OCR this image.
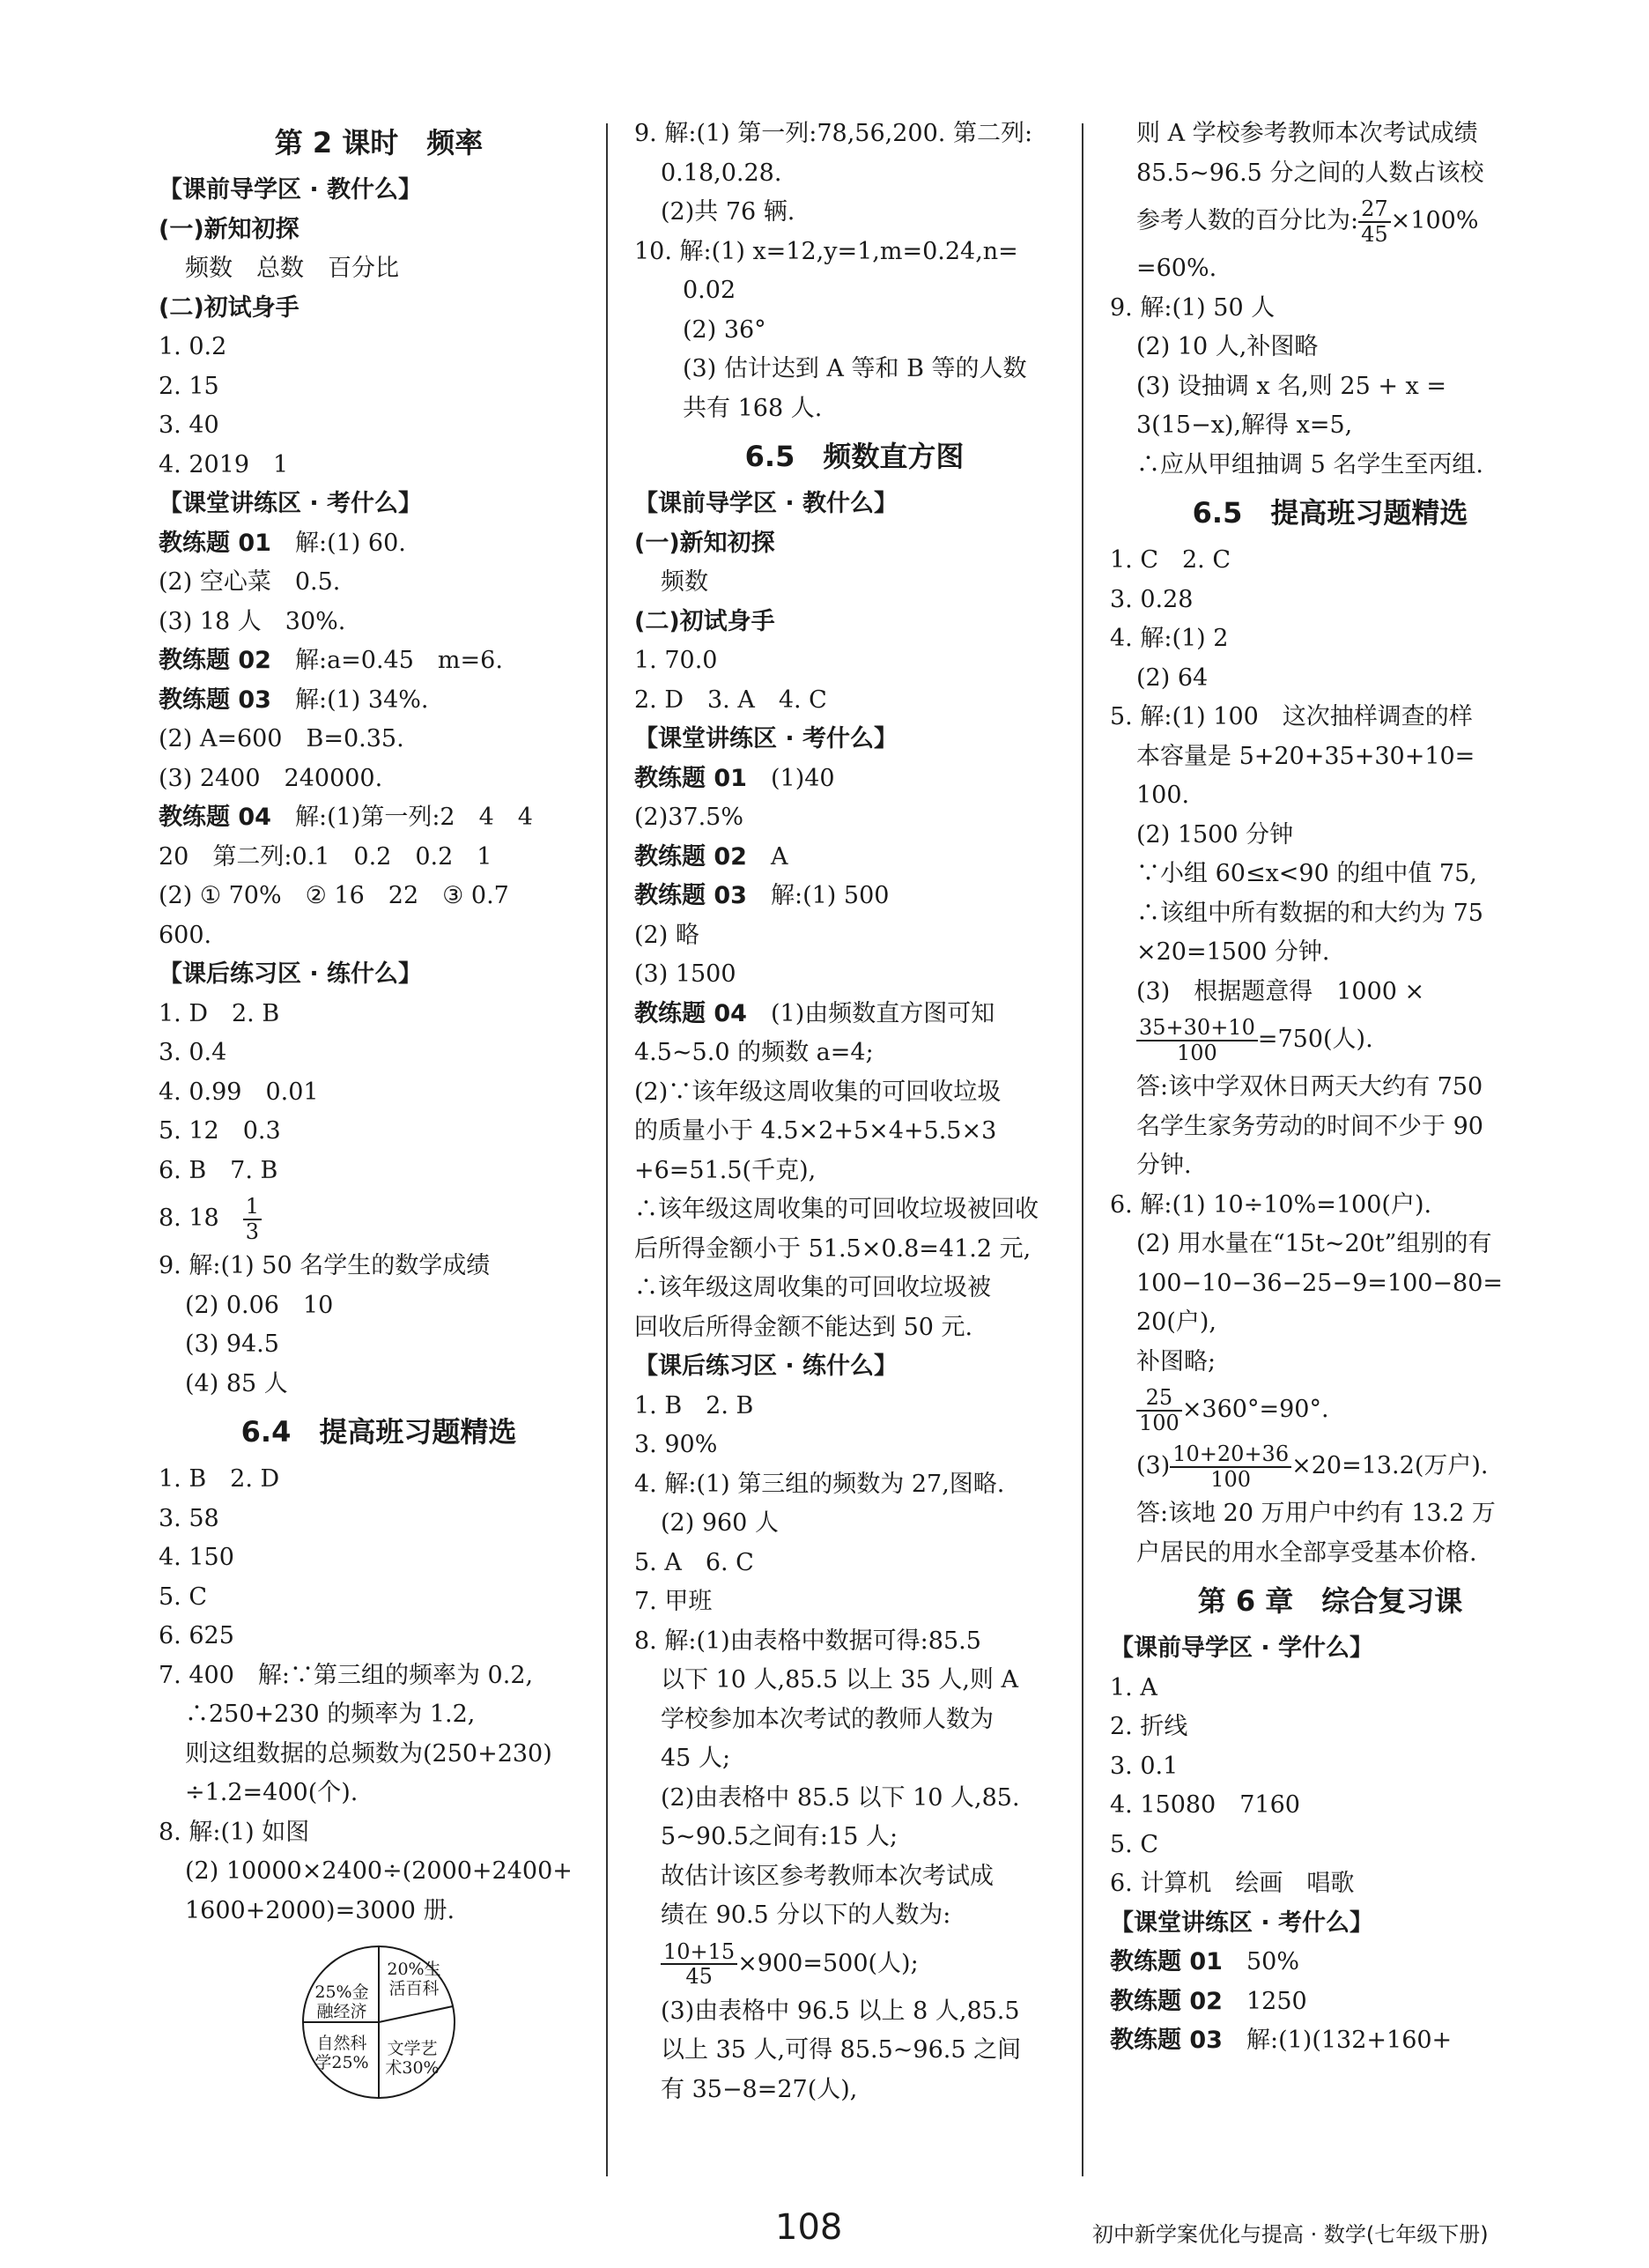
第 2 课时　频率
【课前导学区 · 教什么】
(一)新知初探
频数　总数　百分比
(二)初试身手
1. 0.2
2. 15
3. 40
4. 2019　1
【课堂讲练区 · 考什么】
教练题 01　解:(1) 60.
(2) 空心菜　0.5.
(3) 18 人　30%.
教练题 02　解:a=0.45　m=6.
教练题 03　解:(1) 34%.
(2) A=600　B=0.35.
(3) 2400　240000.
教练题 04　解:(1)第一列:2　4　4
20　第二列:0.1　0.2　0.2　1
(2) ① 70%　② 16　22　③ 0.7
600.
【课后练习区 · 练什么】
1. D　2. B
3. 0.4
4. 0.99　0.01
5. 12　0.3
6. B　7. B
8. 18　 $\frac{1}{3}$
9. 解:(1) 50 名学生的数学成绩
(2) 0.06　10
(3) 94.5
(4) 85 人
6.4　提高班习题精选
1. B　2. D
3. 58
4. 150
5. C
6. 625
7. 400　解:∵第三组的频率为 0.2,
∴250+230 的频率为 1.2,
则这组数据的总频数为(250+230)
÷1.2=400(个).
8. 解:(1) 如图
(2) 10000×2400÷(2000+2400+
1600+2000)=3000 册.
25%金
融经济
20%生
活百科
自然科
学25%
文学艺
术30%
9. 解:(1) 第一列:78,56,200. 第二列:
0.18,0.28.
(2)共 76 辆.
10. 解:(1) x=12,y=1,m=0.24,n=
0.02
(2) 36°
(3) 估计达到 A 等和 B 等的人数
共有 168 人.
6.5　频数直方图
【课前导学区 · 教什么】
(一)新知初探
频数
(二)初试身手
1. 70.0
2. D　3. A　4. C
【课堂讲练区 · 考什么】
教练题 01　(1)40
(2)37.5%
教练题 02　A
教练题 03　解:(1) 500
(2) 略
(3) 1500
教练题 04　(1)由频数直方图可知
4.5~5.0 的频数 a=4;
(2)∵该年级这周收集的可回收垃圾
的质量小于 4.5×2+5×4+5.5×3
+6=51.5(千克),
∴该年级这周收集的可回收垃圾被回收
后所得金额小于 51.5×0.8=41.2 元,
∴该年级这周收集的可回收垃圾被
回收后所得金额不能达到 50 元.
【课后练习区 · 练什么】
1. B　2. B
3. 90%
4. 解:(1) 第三组的频数为 27,图略.
(2) 960 人
5. A　6. C
7. 甲班
8. 解:(1)由表格中数据可得:85.5
以下 10 人,85.5 以上 35 人,则 A
学校参加本次考试的教师人数为
45 人;
(2)由表格中 85.5 以下 10 人,85.
5~90.5之间有:15 人;
故估计该区参考教师本次考试成
绩在 90.5 分以下的人数为:
$\frac{10+15}{45} \times 900=500$(人);
(3)由表格中 96.5 以上 8 人,85.5
以上 35 人,可得 85.5~96.5 之间
有 35−8=27(人),
则 A 学校参考教师本次考试成绩
85.5~96.5 分之间的人数占该校
参考人数的百分比为: $\frac{27}{45} \times 100\%$
=60%.
9. 解:(1) 50 人
(2) 10 人,补图略
(3) 设抽调 x 名,则 25 + x =
3(15−x),解得 x=5,
∴应从甲组抽调 5 名学生至丙组.
6.5　提高班习题精选
1. C　2. C
3. 0.28
4. 解:(1) 2
(2) 64
5. 解:(1) 100　这次抽样调查的样
本容量是 5+20+35+30+10=
100.
(2) 1500 分钟
∵小组 60≤x<90 的组中值 75,
∴该组中所有数据的和大约为 75
×20=1500 分钟.
(3)　根据题意得　1000 ×
$\frac{35+30+10}{100} =750$(人).
答:该中学双休日两天大约有 750
名学生家务劳动的时间不少于 90
分钟.
6. 解:(1) 10÷10%=100(户).
(2) 用水量在“15t~20t”组别的有
100−10−36−25−9=100−80=
20(户),
补图略;
$\frac{25}{100} \times 360^\circ=90^\circ$.
$(3) \frac{10+20+36}{100} \times 20=13.2$(万户).
答:该地 20 万用户中约有 13.2 万
户居民的用水全部享受基本价格.
第 6 章　综合复习课
【课前导学区 · 学什么】
1. A
2. 折线
3. 0.1
4. 15080　7160
5. C
6. 计算机　绘画　唱歌
【课堂讲练区 · 考什么】
教练题 01　50%
教练题 02　1250
教练题 03　解:(1)(132+160+
108	初中新学案优化与提高 · 数学(七年级下册)
